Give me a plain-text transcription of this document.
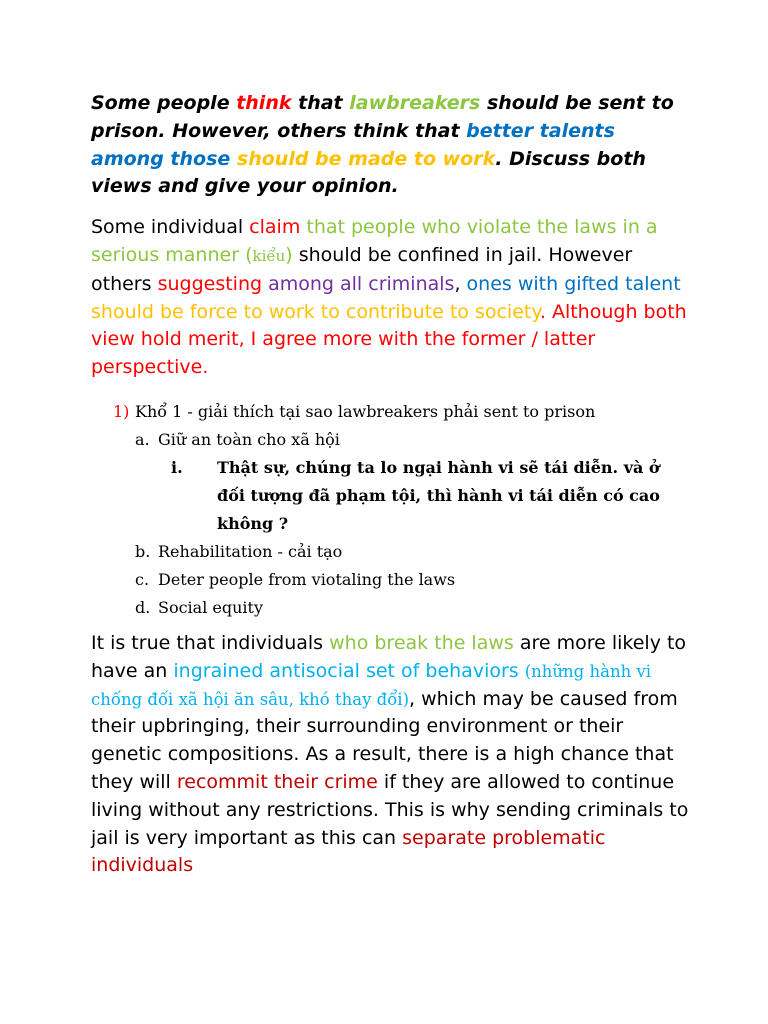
Some people think that lawbreakers should be sent to prison. However, others think that better talents among those should be made to work. Discuss both views and give your opinion.

Some individual claim that people who violate the laws in a serious manner (kiểu) should be confined in jail. However others suggesting among all criminals, ones with gifted talent should be force to work to contribute to society. Although both view hold merit, I agree more with the former / latter perspective.

1) Khổ 1 - giải thích tại sao lawbreakers phải sent to prison
a. Giữ an toàn cho xã hội
i. Thật sự, chúng ta lo ngại hành vi sẽ tái diễn. và ở đối tượng đã phạm tội, thì hành vi tái diễn có cao không ?
b. Rehabilitation - cải tạo
c. Deter people from viotaling the laws
d. Social equity

It is true that individuals who break the laws are more likely to have an ingrained antisocial set of behaviors (những hành vi chống đối xã hội ăn sâu, khó thay đổi), which may be caused from their upbringing, their surrounding environment or their genetic compositions. As a result, there is a high chance that they will recommit their crime if they are allowed to continue living without any restrictions. This is why sending criminals to jail is very important as this can separate problematic individuals
